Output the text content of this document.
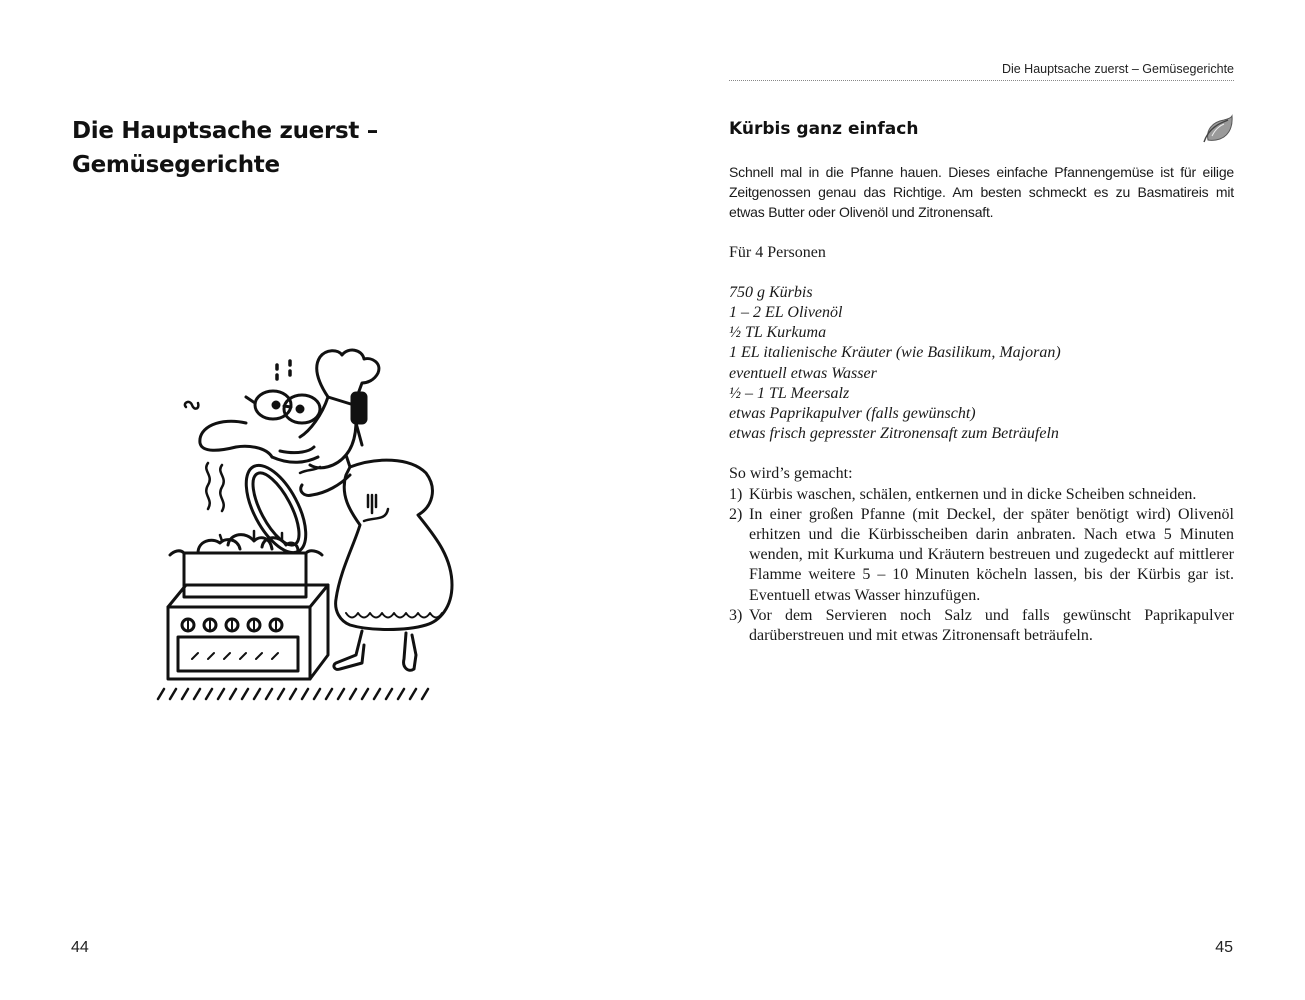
Die Hauptsache zuerst –
Gemüsegerichte
44
Die Hauptsache zuerst – Gemüsegerichte
Kürbis ganz einfach

Schnell mal in die Pfanne hauen. Dieses einfache Pfannengemüse ist für eilige Zeitgenossen genau das Richtige. Am besten schmeckt es zu Basmatireis mit etwas Butter oder Olivenöl und Zitronensaft.

Für 4 Personen

750 g Kürbis
1 – 2 EL Olivenöl
½ TL Kurkuma
1 EL italienische Kräuter (wie Basilikum, Majoran)
eventuell etwas Wasser
½ – 1 TL Meersalz
etwas Paprikapulver (falls gewünscht)
etwas frisch gepresster Zitronensaft zum Beträufeln

So wird’s gemacht:

1) Kürbis waschen, schälen, entkernen und in dicke Scheiben schneiden.
2) In einer großen Pfanne (mit Deckel, der später benötigt wird) Olivenöl erhitzen und die Kürbisscheiben darin anbraten. Nach etwa 5 Minuten wenden, mit Kurkuma und Kräutern bestreuen und zugedeckt auf mittlerer Flamme weitere 5 – 10 Minuten köcheln lassen, bis der Kürbis gar ist. Eventuell etwas Wasser hinzufügen.
3) Vor dem Servieren noch Salz und falls gewünscht Paprikapulver darüberstreuen und mit etwas Zitronensaft beträufeln.
45
